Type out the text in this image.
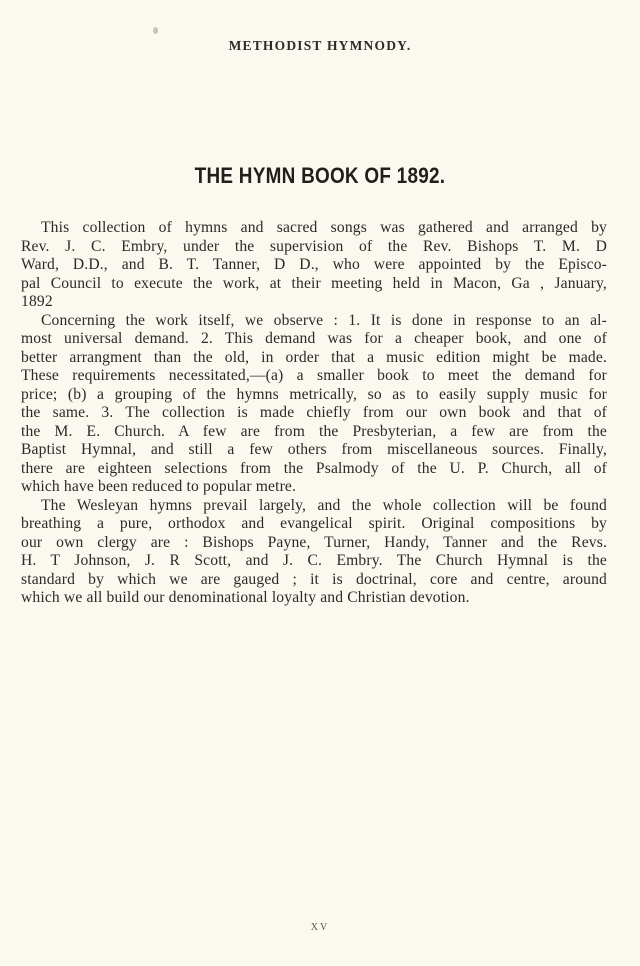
METHODIST HYMNODY.
THE HYMN BOOK OF 1892.
This collection of hymns and sacred songs was gathered and arranged by
Rev. J. C. Embry, under the supervision of the Rev. Bishops T. M. D
Ward, D.D., and B. T. Tanner, D D., who were appointed by the Episco-
pal Council to execute the work, at their meeting held in Macon, Ga , January,
1892
Concerning the work itself, we observe : 1. It is done in response to an al-
most universal demand. 2. This demand was for a cheaper book, and one of
better arrangment than the old, in order that a music edition might be made.
These requirements necessitated,—(a) a smaller book to meet the demand for
price; (b) a grouping of the hymns metrically, so as to easily supply music for
the same. 3. The collection is made chiefly from our own book and that of
the M. E. Church. A few are from the Presbyterian, a few are from the
Baptist Hymnal, and still a few others from miscellaneous sources. Finally,
there are eighteen selections from the Psalmody of the U. P. Church, all of
which have been reduced to popular metre.
The Wesleyan hymns prevail largely, and the whole collection will be found
breathing a pure, orthodox and evangelical spirit. Original compositions by
our own clergy are : Bishops Payne, Turner, Handy, Tanner and the Revs.
H. T Johnson, J. R Scott, and J. C. Embry. The Church Hymnal is the
standard by which we are gauged ; it is doctrinal, core and centre, around
which we all build our denominational loyalty and Christian devotion.
XV
